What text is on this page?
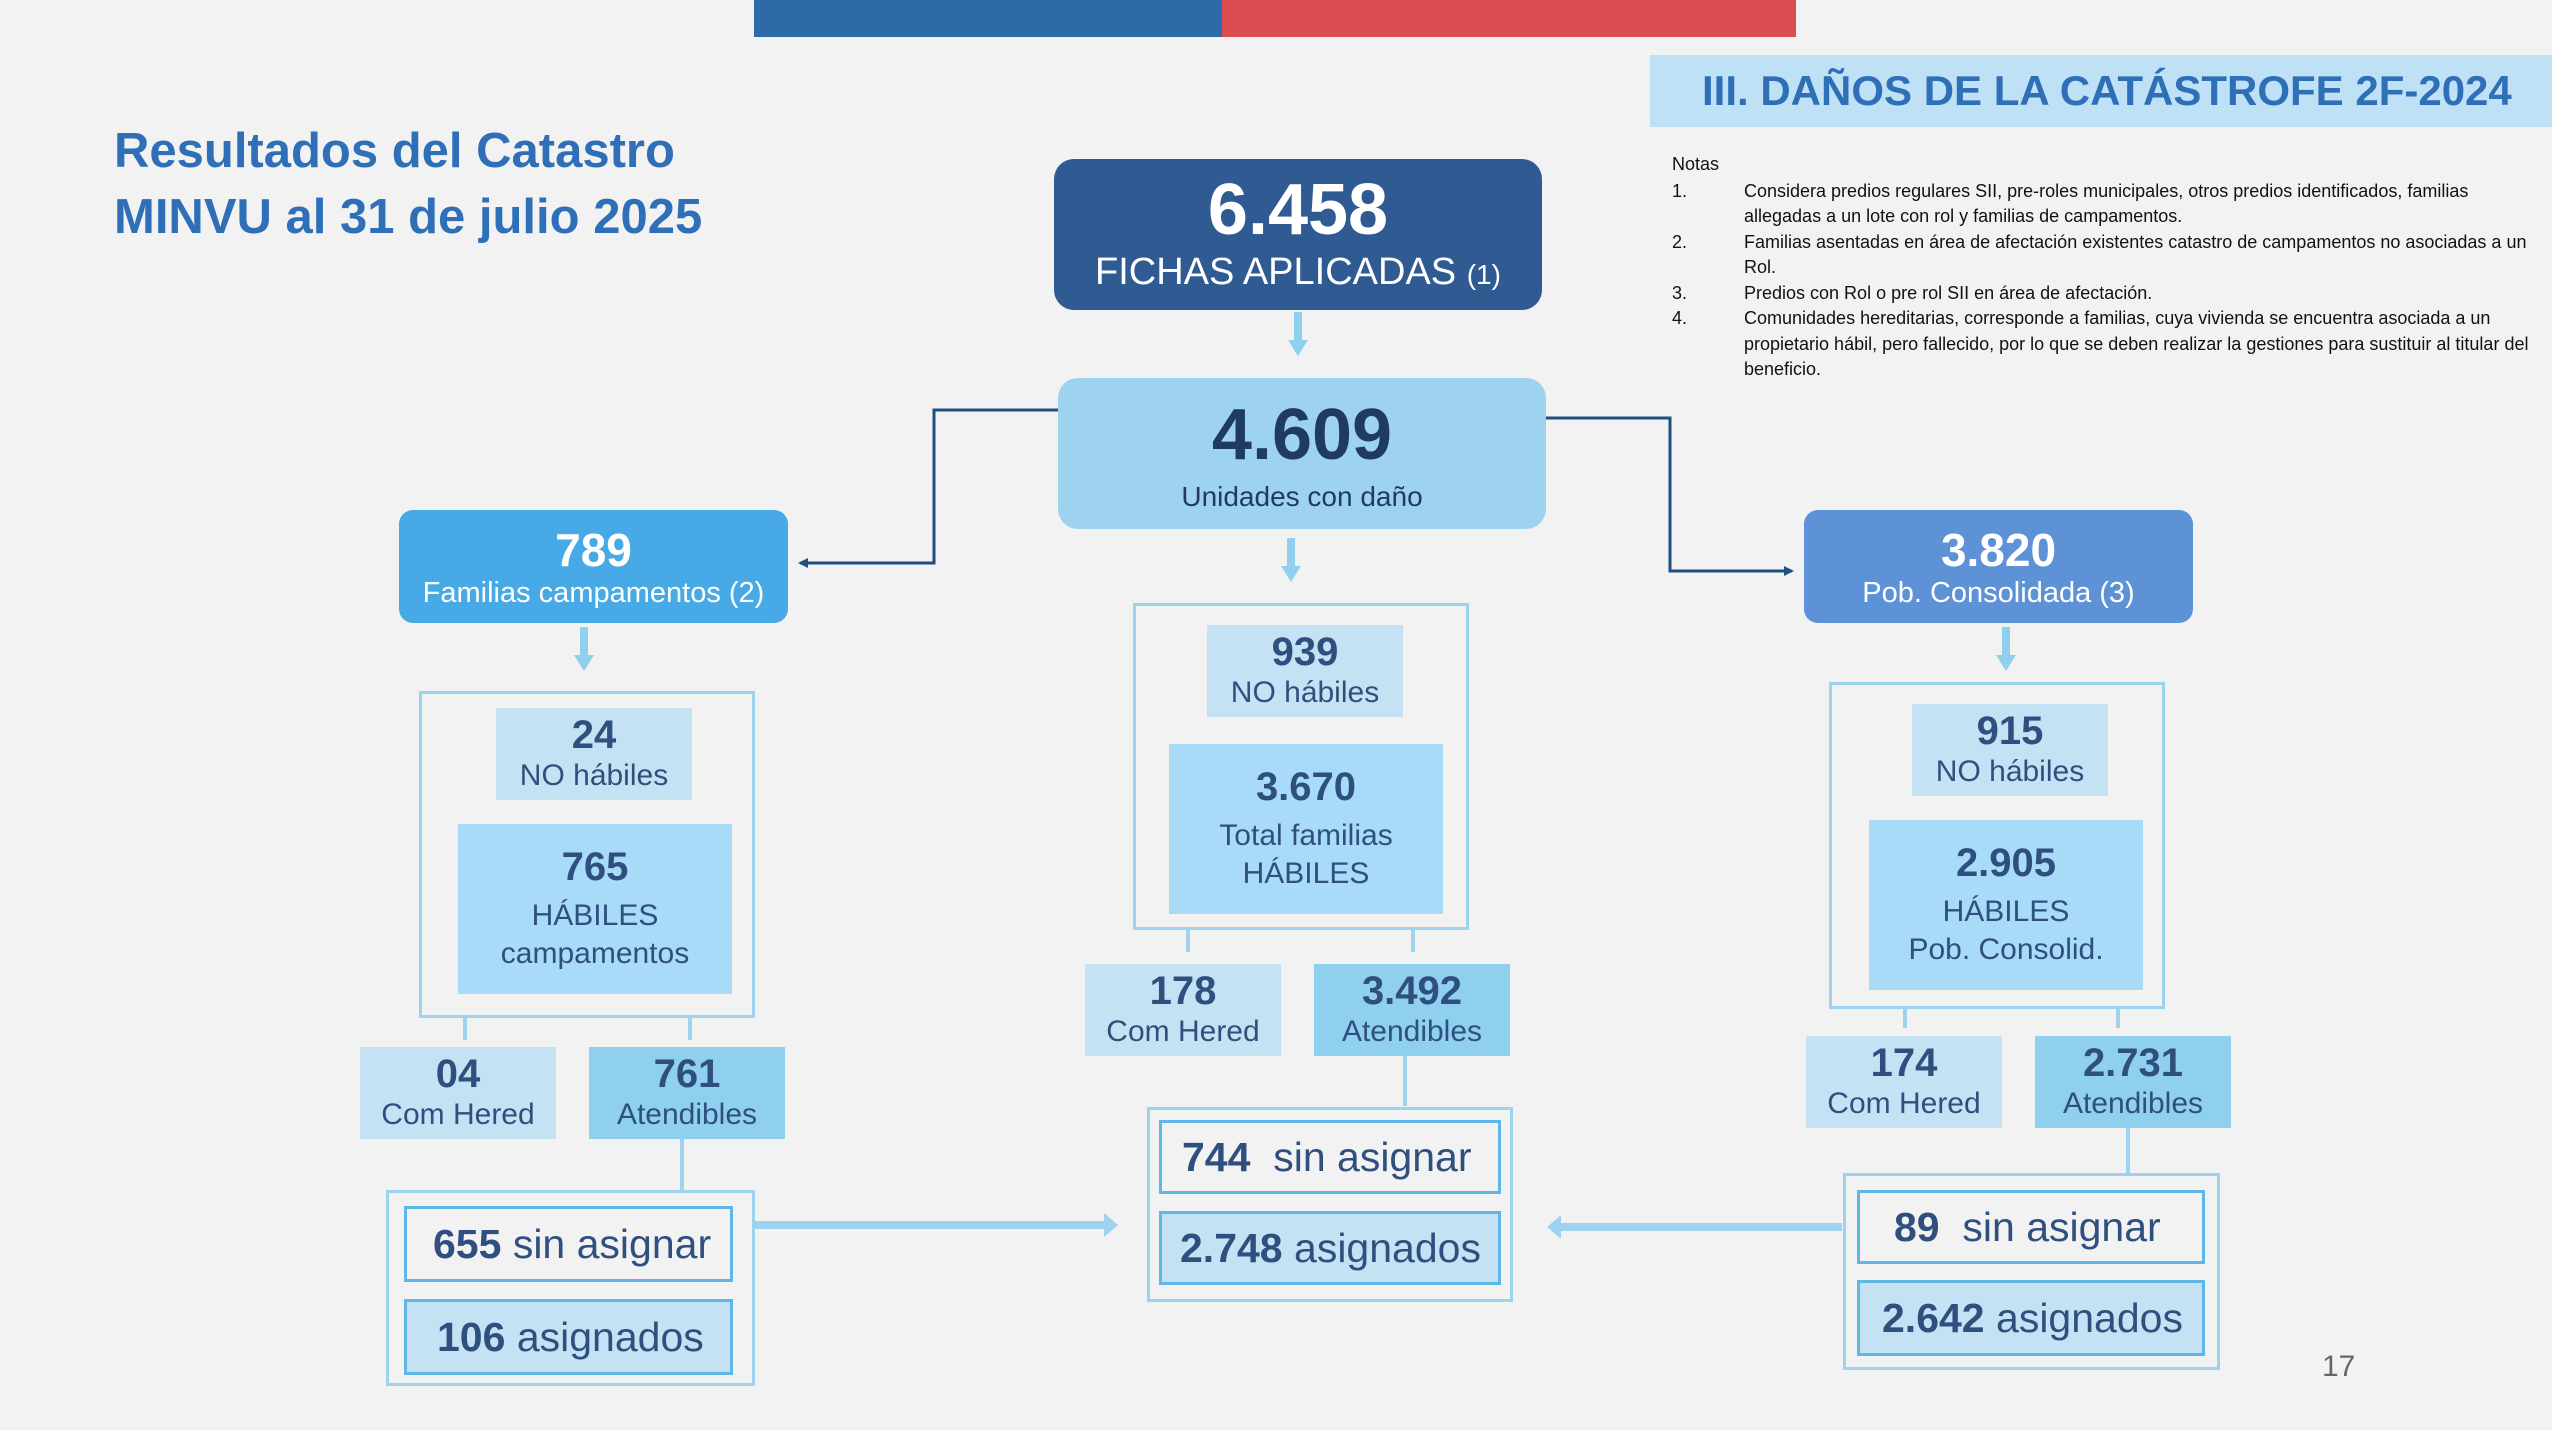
III. DAÑOS DE LA CATÁSTROFE 2F-2024
Resultados del Catastro
MINVU al 31 de julio 2025
Notas
1.	Considera predios regulares SII, pre-roles municipales, otros predios identificados, familias allegadas a un lote con rol y familias de campamentos.
2.	Familias asentadas en área de afectación existentes catastro de campamentos no asociadas a un Rol.
3.	Predios con Rol o pre rol SII en área de afectación.
4.	Comunidades hereditarias, corresponde a familias, cuya vivienda se encuentra asociada a un propietario hábil, pero fallecido, por lo que se deben realizar la gestiones para sustituir al titular del beneficio.
6.458
FICHAS APLICADAS (1)
4.609
Unidades con daño
789
Familias campamentos (2)
3.820
Pob. Consolidada (3)
24
NO hábiles
765
HÁBILES
campamentos
04
Com Hered
761
Atendibles
655
sin asignar
106
asignados
939
NO hábiles
3.670
Total familias
HÁBILES
178
Com Hered
3.492
Atendibles
744
sin asignar
2.748
asignados
915
NO hábiles
2.905
HÁBILES
Pob. Consolid.
174
Com Hered
2.731
Atendibles
89
sin asignar
2.642
asignados
17
